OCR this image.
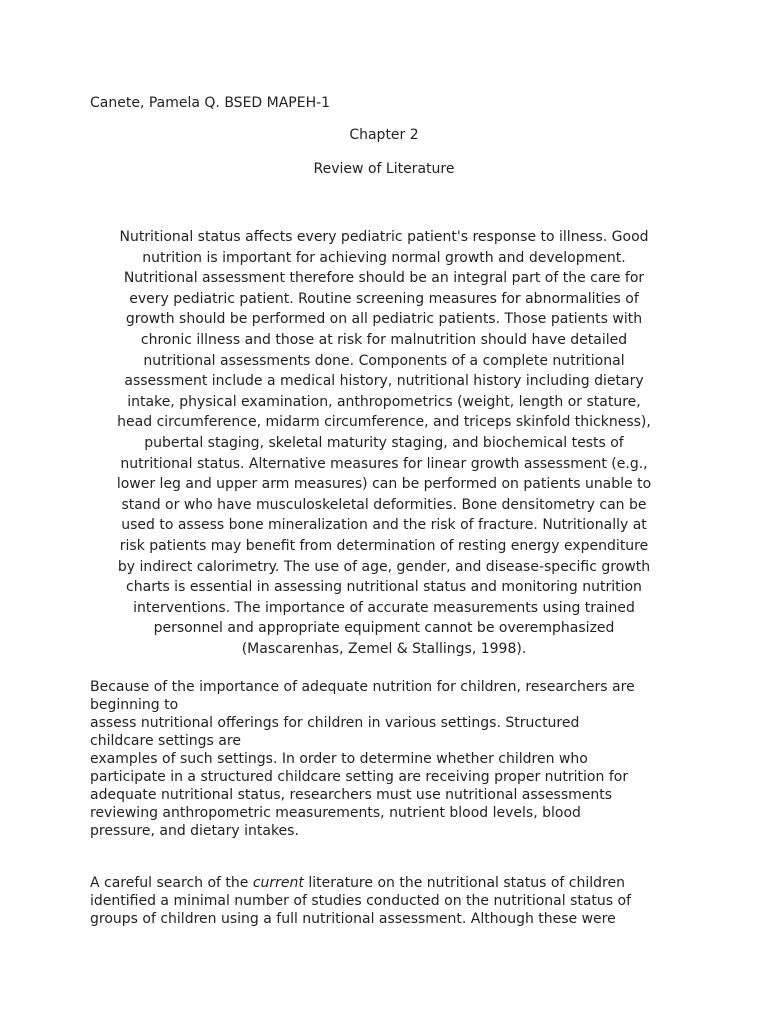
Canete, Pamela Q. BSED MAPEH-1
Chapter 2
Review of Literature

Nutritional status affects every pediatric patient's response to illness. Good
nutrition is important for achieving normal growth and development.
Nutritional assessment therefore should be an integral part of the care for
every pediatric patient. Routine screening measures for abnormalities of
growth should be performed on all pediatric patients. Those patients with
chronic illness and those at risk for malnutrition should have detailed
nutritional assessments done. Components of a complete nutritional
assessment include a medical history, nutritional history including dietary
intake, physical examination, anthropometrics (weight, length or stature,
head circumference, midarm circumference, and triceps skinfold thickness),
pubertal staging, skeletal maturity staging, and biochemical tests of
nutritional status. Alternative measures for linear growth assessment (e.g.,
lower leg and upper arm measures) can be performed on patients unable to
stand or who have musculoskeletal deformities. Bone densitometry can be
used to assess bone mineralization and the risk of fracture. Nutritionally at
risk patients may benefit from determination of resting energy expenditure
by indirect calorimetry. The use of age, gender, and disease-specific growth
charts is essential in assessing nutritional status and monitoring nutrition
interventions. The importance of accurate measurements using trained
personnel and appropriate equipment cannot be overemphasized
(Mascarenhas, Zemel & Stallings, 1998).

Because of the importance of adequate nutrition for children, researchers are
beginning to
assess nutritional offerings for children in various settings. Structured
childcare settings are
examples of such settings. In order to determine whether children who
participate in a structured childcare setting are receiving proper nutrition for
adequate nutritional status, researchers must use nutritional assessments
reviewing anthropometric measurements, nutrient blood levels, blood
pressure, and dietary intakes.

A careful search of the current literature on the nutritional status of children
identified a minimal number of studies conducted on the nutritional status of
groups of children using a full nutritional assessment. Although these were
